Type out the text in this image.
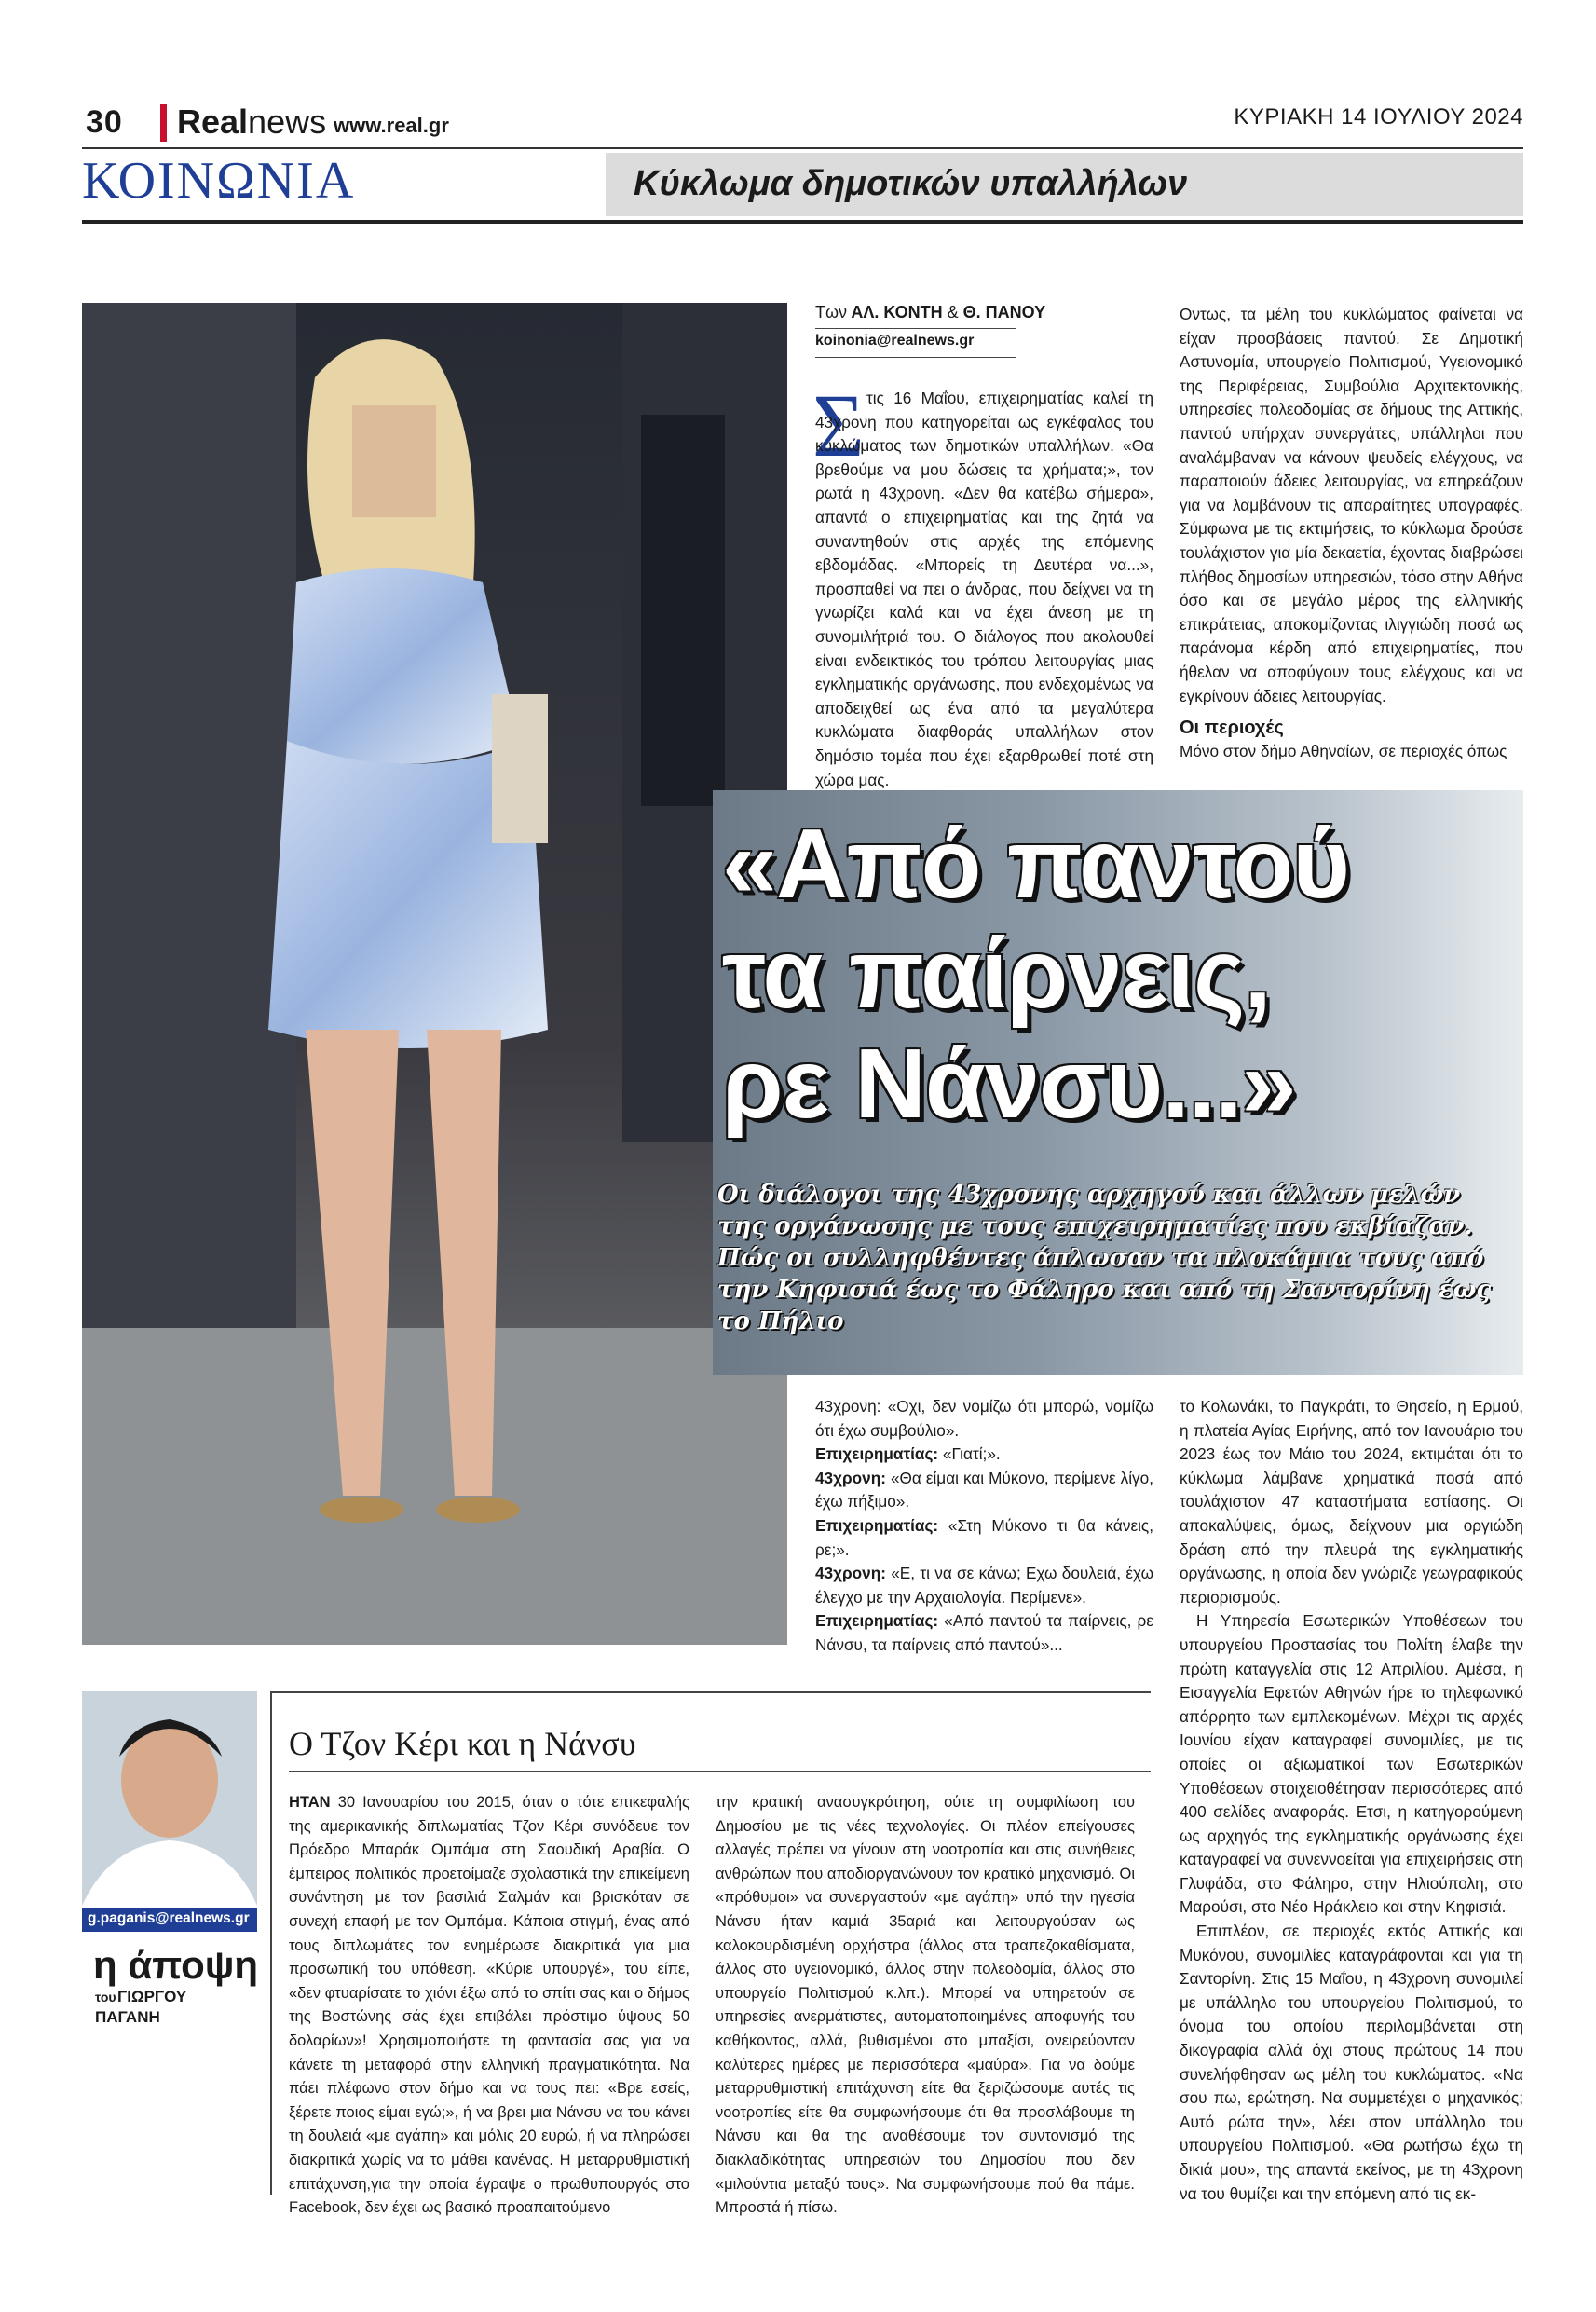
30 Realnews www.real.gr	ΚΥΡΙΑΚΗ 14 ΙΟΥΛΙΟΥ 2024
ΚΟΙΝΩΝΙΑ	Κύκλωμα δημοτικών υπαλλήλων
Των ΑΛ. ΚΟΝΤΗ & Θ. ΠΑΝΟΥ
koinonia@realnews.gr
Σ τις 16 Μαΐου, επιχειρηματίας καλεί τη 43χρονη που κατηγορείται ως εγκέφαλος του κυκλώματος των δημοτικών υπαλλήλων. «Θα βρεθούμε να μου δώσεις τα χρήματα;», τον ρωτά η 43χρονη. «Δεν θα κατέβω σήμερα», απαντά ο επιχειρηματίας και της ζητά να συναντηθούν στις αρχές της επόμενης εβδομάδας. «Μπορείς τη Δευτέρα να...», προσπαθεί να πει ο άνδρας, που δείχνει να τη γνωρίζει καλά και να έχει άνεση με τη συνομιλήτριά του. Ο διάλογος που ακολουθεί είναι ενδεικτικός του τρόπου λειτουργίας μιας εγκληματικής οργάνωσης, που ενδεχομένως να αποδειχθεί ως ένα από τα μεγαλύτερα κυκλώματα διαφθοράς υπαλλήλων στον δημόσιο τομέα που έχει εξαρθρωθεί ποτέ στη χώρα μας.
Οντως, τα μέλη του κυκλώματος φαίνεται να είχαν προσβάσεις παντού. Σε Δημοτική Αστυνομία, υπουργείο Πολιτισμού, Υγειονομικό της Περιφέρειας, Συμβούλια Αρχιτεκτονικής, υπηρεσίες πολεοδομίας σε δήμους της Αττικής, παντού υπήρχαν συνεργάτες, υπάλληλοι που αναλάμβαναν να κάνουν ψευδείς ελέγχους, να παραποιούν άδειες λειτουργίας, να επηρεάζουν για να λαμβάνουν τις απαραίτητες υπογραφές. Σύμφωνα με τις εκτιμήσεις, το κύκλωμα δρούσε τουλάχιστον για μία δεκαετία, έχοντας διαβρώσει πλήθος δημοσίων υπηρεσιών, τόσο στην Αθήνα όσο και σε μεγάλο μέρος της ελληνικής επικράτειας, αποκομίζοντας ιλιγγιώδη ποσά ως παράνομα κέρδη από επιχειρηματίες, που ήθελαν να αποφύγουν τους ελέγχους και να εγκρίνουν άδειες λειτουργίας.
Οι περιοχές
Μόνο στον δήμο Αθηναίων, σε περιοχές όπως
«Από παντού
τα παίρνεις,
ρε Νάνσυ...»
Οι διάλογοι της 43χρονης αρχηγού και άλλων μελών της οργάνωσης με τους επιχειρηματίες που εκβίαζαν. Πώς οι συλληφθέντες άπλωσαν τα πλοκάμια τους από την Κηφισιά έως το Φάληρο και από τη Σαντορίνη έως το Πήλιο

43χρονη: «Οχι, δεν νομίζω ότι μπορώ, νομίζω ότι έχω συμβούλιο».

Επιχειρηματίας: «Γιατί;».

43χρονη: «Θα είμαι και Μύκονο, περίμενε λίγο, έχω πήξιμο».

Επιχειρηματίας: «Στη Μύκονο τι θα κάνεις, ρε;».

43χρονη: «Ε, τι να σε κάνω; Εχω δουλειά, έχω έλεγχο με την Αρχαιολογία. Περίμενε».

Επιχειρηματίας: «Από παντού τα παίρνεις, ρε Νάνσυ, τα παίρνεις από παντού»...

το Κολωνάκι, το Παγκράτι, το Θησείο, η Ερμού, η πλατεία Αγίας Ειρήνης, από τον Ιανουάριο του 2023 έως τον Μάιο του 2024, εκτιμάται ότι το κύκλωμα λάμβανε χρηματικά ποσά από τουλάχιστον 47 καταστήματα εστίασης. Οι αποκαλύψεις, όμως, δείχνουν μια οργιώδη δράση από την πλευρά της εγκληματικής οργάνωσης, η οποία δεν γνώριζε γεωγραφικούς περιορισμούς.

Η Υπηρεσία Εσωτερικών Υποθέσεων του υπουργείου Προστασίας του Πολίτη έλαβε την πρώτη καταγγελία στις 12 Απριλίου. Αμέσα, η Εισαγγελία Εφετών Αθηνών ήρε το τηλεφωνικό απόρρητο των εμπλεκομένων. Μέχρι τις αρχές Ιουνίου είχαν καταγραφεί συνομιλίες, με τις οποίες οι αξιωματικοί των Εσωτερικών Υποθέσεων στοιχειοθέτησαν περισσότερες από 400 σελίδες αναφοράς. Ετσι, η κατηγορούμενη ως αρχηγός της εγκληματικής οργάνωσης έχει καταγραφεί να συνεννοείται για επιχειρήσεις στη Γλυφάδα, στο Φάληρο, στην Ηλιούπολη, στο Μαρούσι, στο Νέο Ηράκλειο και στην Κηφισιά.

Επιπλέον, σε περιοχές εκτός Αττικής και Μυκόνου, συνομιλίες καταγράφονται και για τη Σαντορίνη. Στις 15 Μαΐου, η 43χρονη συνομιλεί με υπάλληλο του υπουργείου Πολιτισμού, το όνομα του οποίου περιλαμβάνεται στη δικογραφία αλλά όχι στους πρώτους 14 που συνελήφθησαν ως μέλη του κυκλώματος. «Να σου πω, ερώτηση. Να συμμετέχει ο μηχανικός; Αυτό ρώτα την», λέει στον υπάλληλο του υπουργείου Πολιτισμού. «Θα ρωτήσω έχω τη δικιά μου», της απαντά εκείνος, με τη 43χρονη να του θυμίζει και την επόμενη από τις εκ-

g.paganis@realnews.gr
η άποψη
του ΓΙΩΡΓΟΥ
ΠΑΓΑΝΗ
Ο Τζον Κέρι και η Νάνσυ
ΗΤΑΝ 30 Ιανουαρίου του 2015, όταν ο τότε επικεφαλής της αμερικανικής διπλωματίας Τζον Κέρι συνόδευε τον Πρόεδρο Μπαράκ Ομπάμα στη Σαουδική Αραβία. Ο έμπειρος πολιτικός προετοίμαζε σχολαστικά την επικείμενη συνάντηση με τον βασιλιά Σαλμάν και βρισκόταν σε συνεχή επαφή με τον Ομπάμα. Κάποια στιγμή, ένας από τους διπλωμάτες τον ενημέρωσε διακριτικά για μια προσωπική του υπόθεση. «Κύριε υπουργέ», του είπε, «δεν φτυαρίσατε το χιόνι έξω από το σπίτι σας και ο δήμος της Βοστώνης σάς έχει επιβάλει πρόστιμο ύψους 50 δολαρίων»! Χρησιμοποιήστε τη φαντασία σας για να κάνετε τη μεταφορά στην ελληνική πραγματικότητα. Να πάει πλέφωνο στον δήμο και να τους πει: «Βρε εσείς, ξέρετε ποιος είμαι εγώ;», ή να βρει μια Νάνσυ να του κάνει τη δουλειά «με αγάπη» και μόλις 20 ευρώ, ή να πληρώσει διακριτικά χωρίς να το μάθει κανένας. Η μεταρρυθμιστική επιτάχυνση,για την οποία έγραψε ο πρωθυπουργός στο Facebook, δεν έχει ως βασικό προαπαιτούμενο
την κρατική ανασυγκρότηση, ούτε τη συμφιλίωση του Δημοσίου με τις νέες τεχνολογίες. Οι πλέον επείγουσες αλλαγές πρέπει να γίνουν στη νοοτροπία και στις συνήθειες ανθρώπων που αποδιοργανώνουν τον κρατικό μηχανισμό. Οι «πρόθυμοι» να συνεργαστούν «με αγάπη» υπό την ηγεσία Νάνσυ ήταν καμιά 35αριά και λειτουργούσαν ως καλοκουρδισμένη ορχήστρα (άλλος στα τραπεζοκαθίσματα, άλλος στο υγειονομικό, άλλος στην πολεοδομία, άλλος στο υπουργείο Πολιτισμού κ.λπ.). Μπορεί να υπηρετούν σε υπηρεσίες ανερμάτιστες, αυτοματοποιημένες αποφυγής του καθήκοντος, αλλά, βυθισμένοι στο μπαξίσι, ονειρεύονταν καλύτερες ημέρες με περισσότερα «μαύρα». Για να δούμε μεταρρυθμιστική επιτάχυνση είτε θα ξεριζώσουμε αυτές τις νοοτροπίες είτε θα συμφωνήσουμε ότι θα προσλάβουμε τη Νάνσυ και θα της αναθέσουμε τον συντονισμό της διακλαδικότητας υπηρεσιών του Δημοσίου που δεν «μιλούντια μεταξύ τους». Να συμφωνήσουμε πού θα πάμε. Μπροστά ή πίσω.
